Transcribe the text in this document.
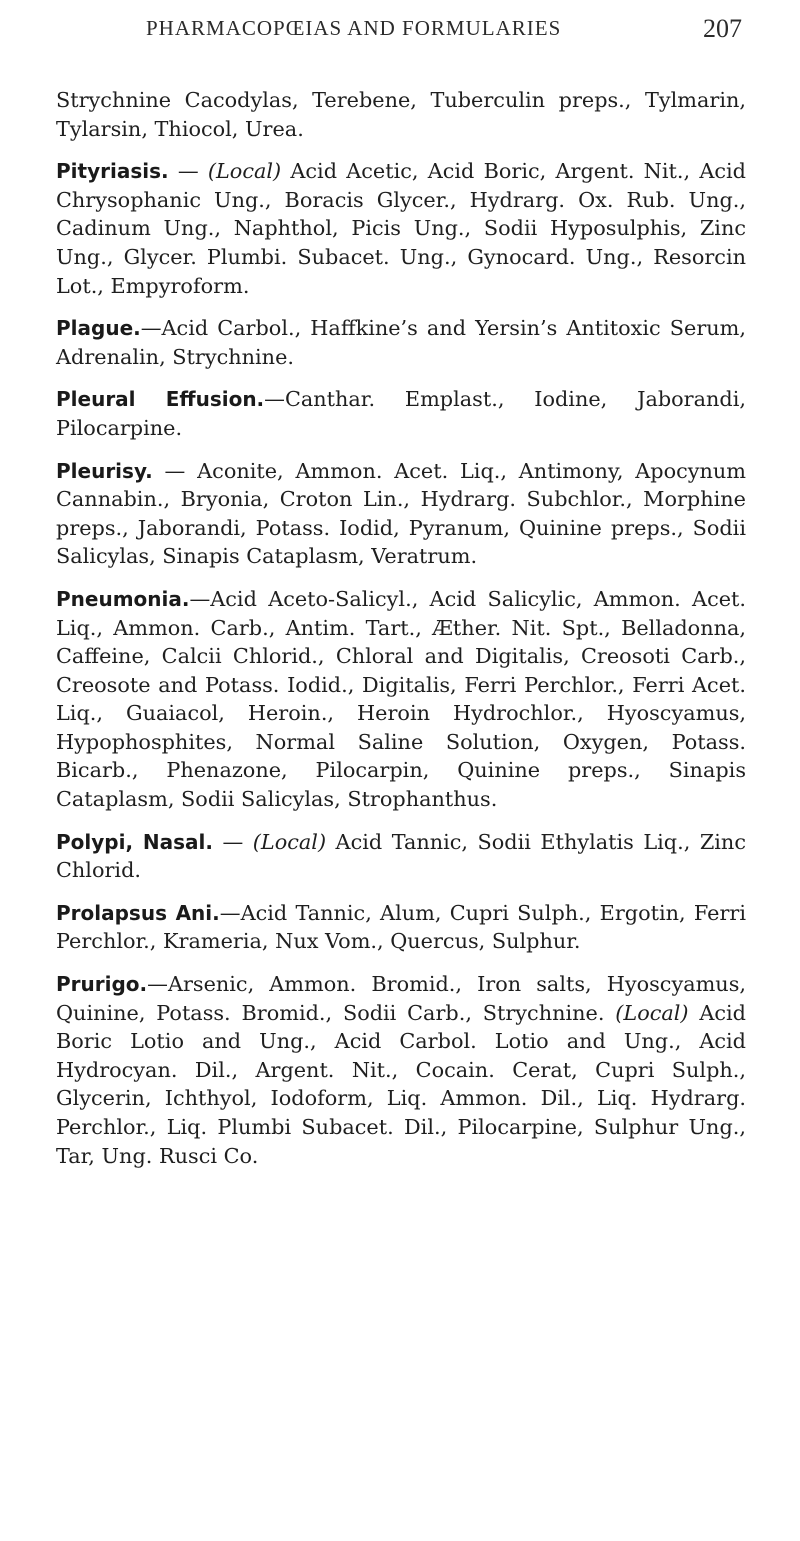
PHARMACOPŒIAS AND FORMULARIES	207

Strychnine Cacodylas, Terebene, Tuberculin preps., Tylmarin, Tylarsin, Thiocol, Urea.

Pityriasis. — (Local) Acid Acetic, Acid Boric, Argent. Nit., Acid Chrysophanic Ung., Boracis Glycer., Hydrarg. Ox. Rub. Ung., Cadinum Ung., Naphthol, Picis Ung., Sodii Hyposulphis, Zinc Ung., Glycer. Plumbi. Subacet. Ung., Gynocard. Ung., Resorcin Lot., Empyroform.

Plague.—Acid Carbol., Haffkine’s and Yersin’s Antitoxic Serum, Adrenalin, Strychnine.

Pleural Effusion.—Canthar. Emplast., Iodine, Jaborandi, Pilocarpine.

Pleurisy. — Aconite, Ammon. Acet. Liq., Antimony, Apocynum Cannabin., Bryonia, Croton Lin., Hydrarg. Subchlor., Morphine preps., Jaborandi, Potass. Iodid, Pyranum, Quinine preps., Sodii Salicylas, Sinapis Cataplasm, Veratrum.

Pneumonia.—Acid Aceto-Salicyl., Acid Salicylic, Ammon. Acet. Liq., Ammon. Carb., Antim. Tart., Æther. Nit. Spt., Belladonna, Caffeine, Calcii Chlorid., Chloral and Digitalis, Creosoti Carb., Creosote and Potass. Iodid., Digitalis, Ferri Perchlor., Ferri Acet. Liq., Guaiacol, Heroin., Heroin Hydrochlor., Hyoscyamus, Hypophosphites, Normal Saline Solution, Oxygen, Potass. Bicarb., Phenazone, Pilocarpin, Quinine preps., Sinapis Cataplasm, Sodii Salicylas, Strophanthus.

Polypi, Nasal. — (Local) Acid Tannic, Sodii Ethylatis Liq., Zinc Chlorid.

Prolapsus Ani.—Acid Tannic, Alum, Cupri Sulph., Ergotin, Ferri Perchlor., Krameria, Nux Vom., Quercus, Sulphur.

Prurigo.—Arsenic, Ammon. Bromid., Iron salts, Hyoscyamus, Quinine, Potass. Bromid., Sodii Carb., Strychnine. (Local) Acid Boric Lotio and Ung., Acid Carbol. Lotio and Ung., Acid Hydrocyan. Dil., Argent. Nit., Cocain. Cerat, Cupri Sulph., Glycerin, Ichthyol, Iodoform, Liq. Ammon. Dil., Liq. Hydrarg. Perchlor., Liq. Plumbi Subacet. Dil., Pilocarpine, Sulphur Ung., Tar, Ung. Rusci Co.
